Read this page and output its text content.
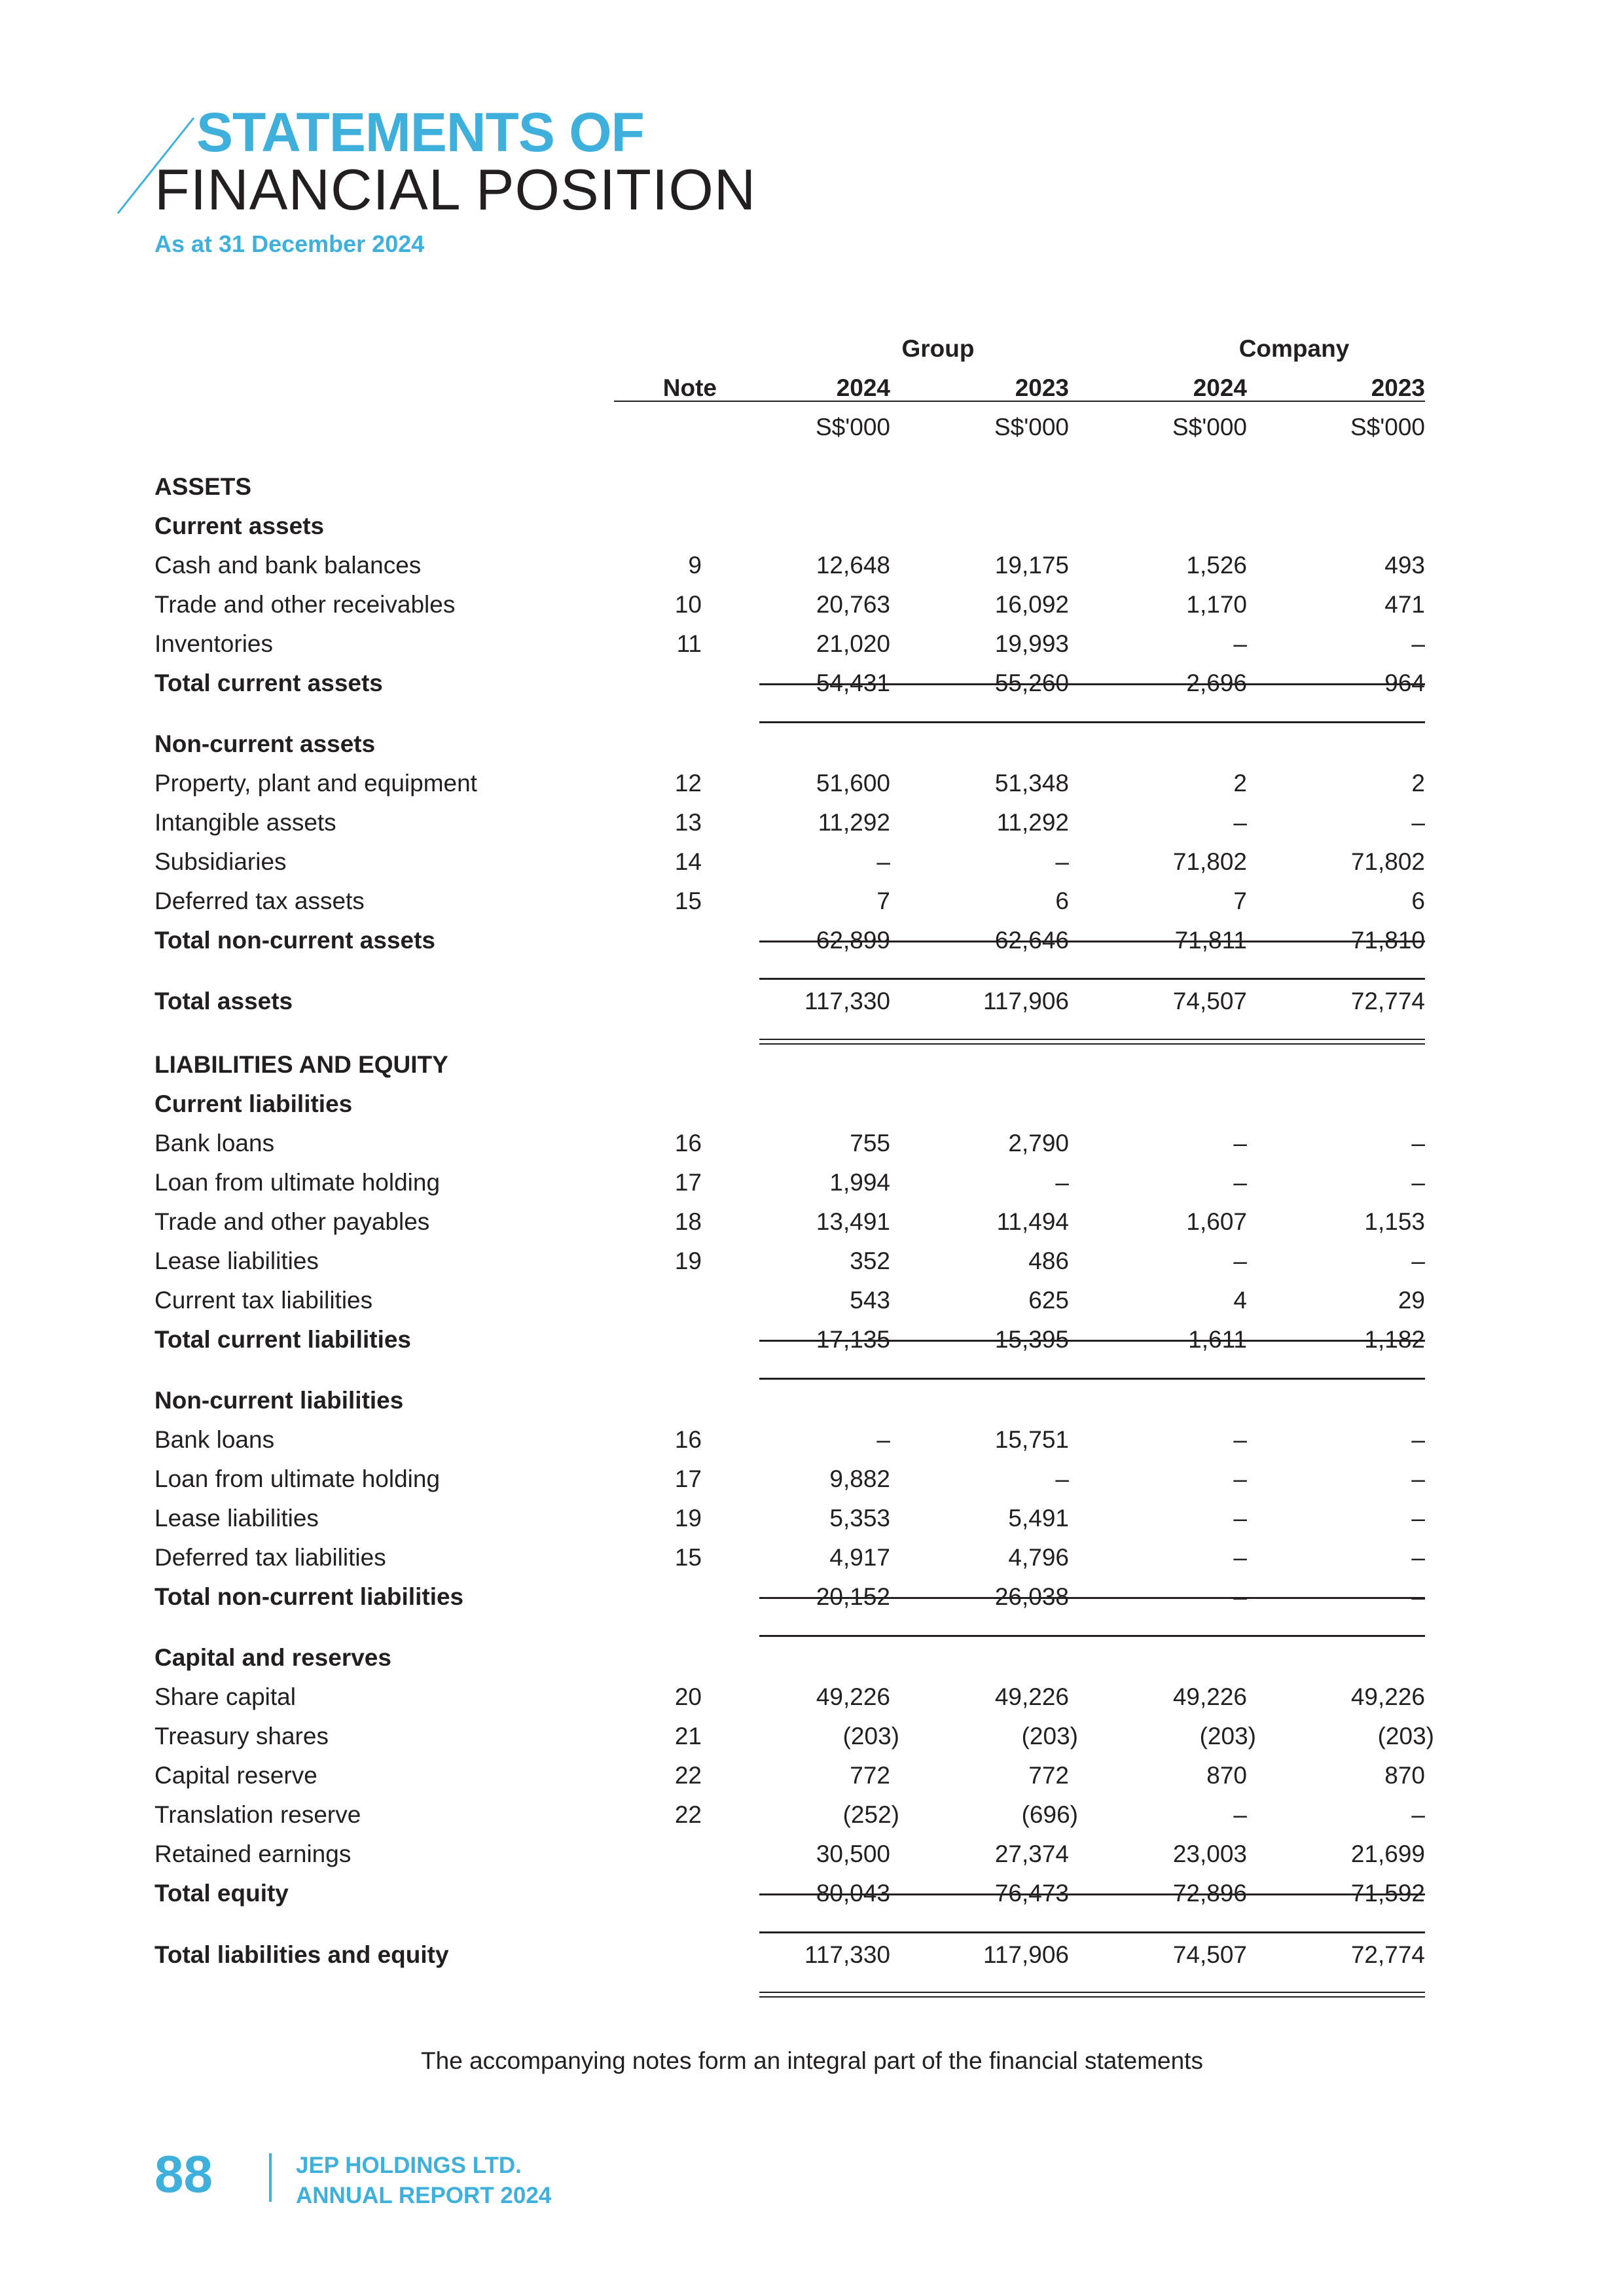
STATEMENTS OF
FINANCIAL POSITION
As at 31 December 2024
Group	Company
Note	2024	2023	2024	2023
S$'000	S$'000	S$'000	S$'000
ASSETS
Current assets
Cash and bank balances	9	12,648	19,175	1,526	493
Trade and other receivables	10	20,763	16,092	1,170	471
Inventories	11	21,020	19,993	–	–
Total current assets	54,431	55,260	2,696	964
Non-current assets
Property, plant and equipment	12	51,600	51,348	2	2
Intangible assets	13	11,292	11,292	–	–
Subsidiaries	14	–	–	71,802	71,802
Deferred tax assets	15	7	6	7	6
Total non-current assets	62,899	62,646	71,811	71,810
Total assets	117,330	117,906	74,507	72,774
LIABILITIES AND EQUITY
Current liabilities
Bank loans	16	755	2,790	–	–
Loan from ultimate holding	17	1,994	–	–	–
Trade and other payables	18	13,491	11,494	1,607	1,153
Lease liabilities	19	352	486	–	–
Current tax liabilities	543	625	4	29
Total current liabilities	17,135	15,395	1,611	1,182
Non-current liabilities
Bank loans	16	–	15,751	–	–
Loan from ultimate holding	17	9,882	–	–	–
Lease liabilities	19	5,353	5,491	–	–
Deferred tax liabilities	15	4,917	4,796	–	–
Total non-current liabilities	20,152	26,038	–	–
Capital and reserves
Share capital	20	49,226	49,226	49,226	49,226
Treasury shares	21	(203)	(203)	(203)	(203)
Capital reserve	22	772	772	870	870
Translation reserve	22	(252)	(696)	–	–
Retained earnings	30,500	27,374	23,003	21,699
Total equity	80,043	76,473	72,896	71,592
Total liabilities and equity	117,330	117,906	74,507	72,774
The accompanying notes form an integral part of the financial statements
88	JEP HOLDINGS LTD.
ANNUAL REPORT 2024
